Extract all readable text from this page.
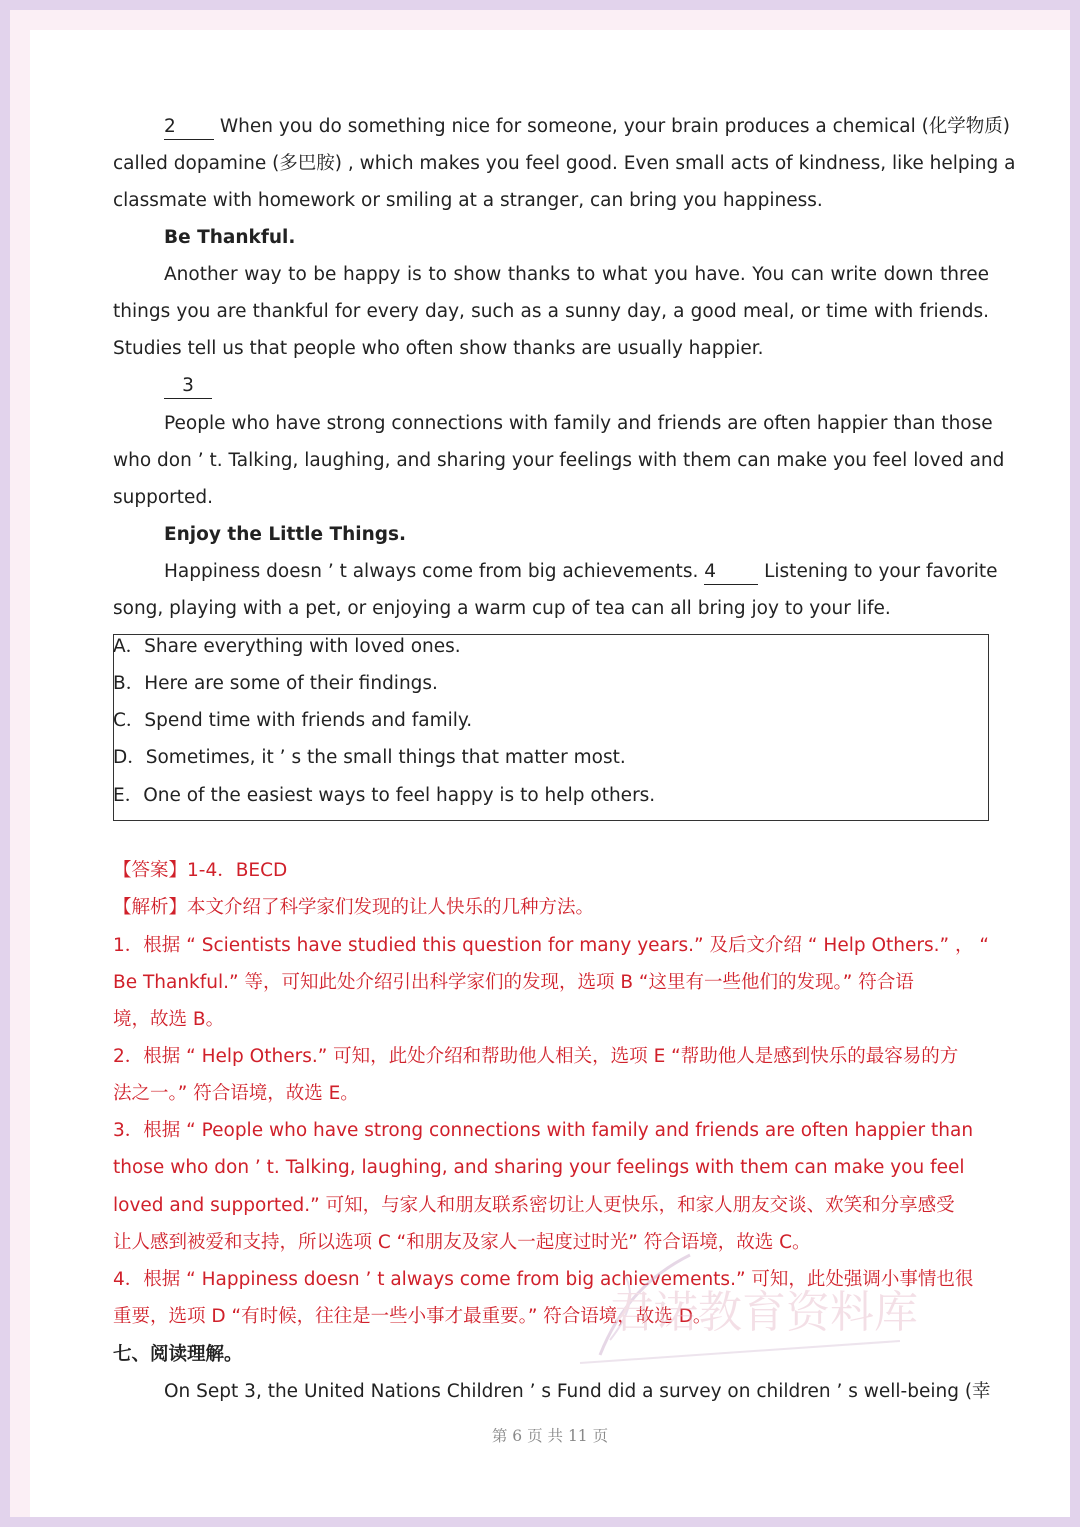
2 When you do something nice for someone, your brain produces a chemical (化学物质)
called dopamine (多巴胺) , which makes you feel good. Even small acts of kindness, like helping a
classmate with homework or smiling at a stranger, can bring you happiness.
Be Thankful.
Another way to be happy is to show thanks to what you have. You can write down three
things you are thankful for every day, such as a sunny day, a good meal, or time with friends.
Studies tell us that people who often show thanks are usually happier.
3
People who have strong connections with family and friends are often happier than those
who don ’ t. Talking, laughing, and sharing your feelings with them can make you feel loved and
supported.
Enjoy the Little Things.
Happiness doesn ’ t always come from big achievements. 4 Listening to your favorite
song, playing with a pet, or enjoying a warm cup of tea can all bring joy to your life.
A．Share everything with loved ones.
B．Here are some of their findings.
C．Spend time with friends and family.
D．Sometimes, it ’ s the small things that matter most.
E．One of the easiest ways to feel happy is to help others.
【答案】1-4．BECD
【解析】本文介绍了科学家们发现的让人快乐的几种方法。
1．根据 “ Scientists have studied this question for many years.” 及后文介绍 “ Help Others.” ， “
Be Thankful.” 等，可知此处介绍引出科学家们的发现，选项 B “这里有一些他们的发现。” 符合语
境，故选 B。
2．根据 “ Help Others.” 可知，此处介绍和帮助他人相关，选项 E “帮助他人是感到快乐的最容易的方
法之一。” 符合语境，故选 E。
3．根据 “ People who have strong connections with family and friends are often happier than
those who don ’ t. Talking, laughing, and sharing your feelings with them can make you feel
loved and supported.” 可知，与家人和朋友联系密切让人更快乐，和家人朋友交谈、欢笑和分享感受
让人感到被爱和支持，所以选项 C “和朋友及家人一起度过时光” 符合语境，故选 C。
4．根据 “ Happiness doesn ’ t always come from big achievements.” 可知，此处强调小事情也很
重要，选项 D “有时候，往往是一些小事才最重要。” 符合语境，故选 D。
七、阅读理解。
On Sept 3, the United Nations Children ’ s Fund did a survey on children ’ s well-being (幸
君诺教育资料库
第 6 页 共 11 页
